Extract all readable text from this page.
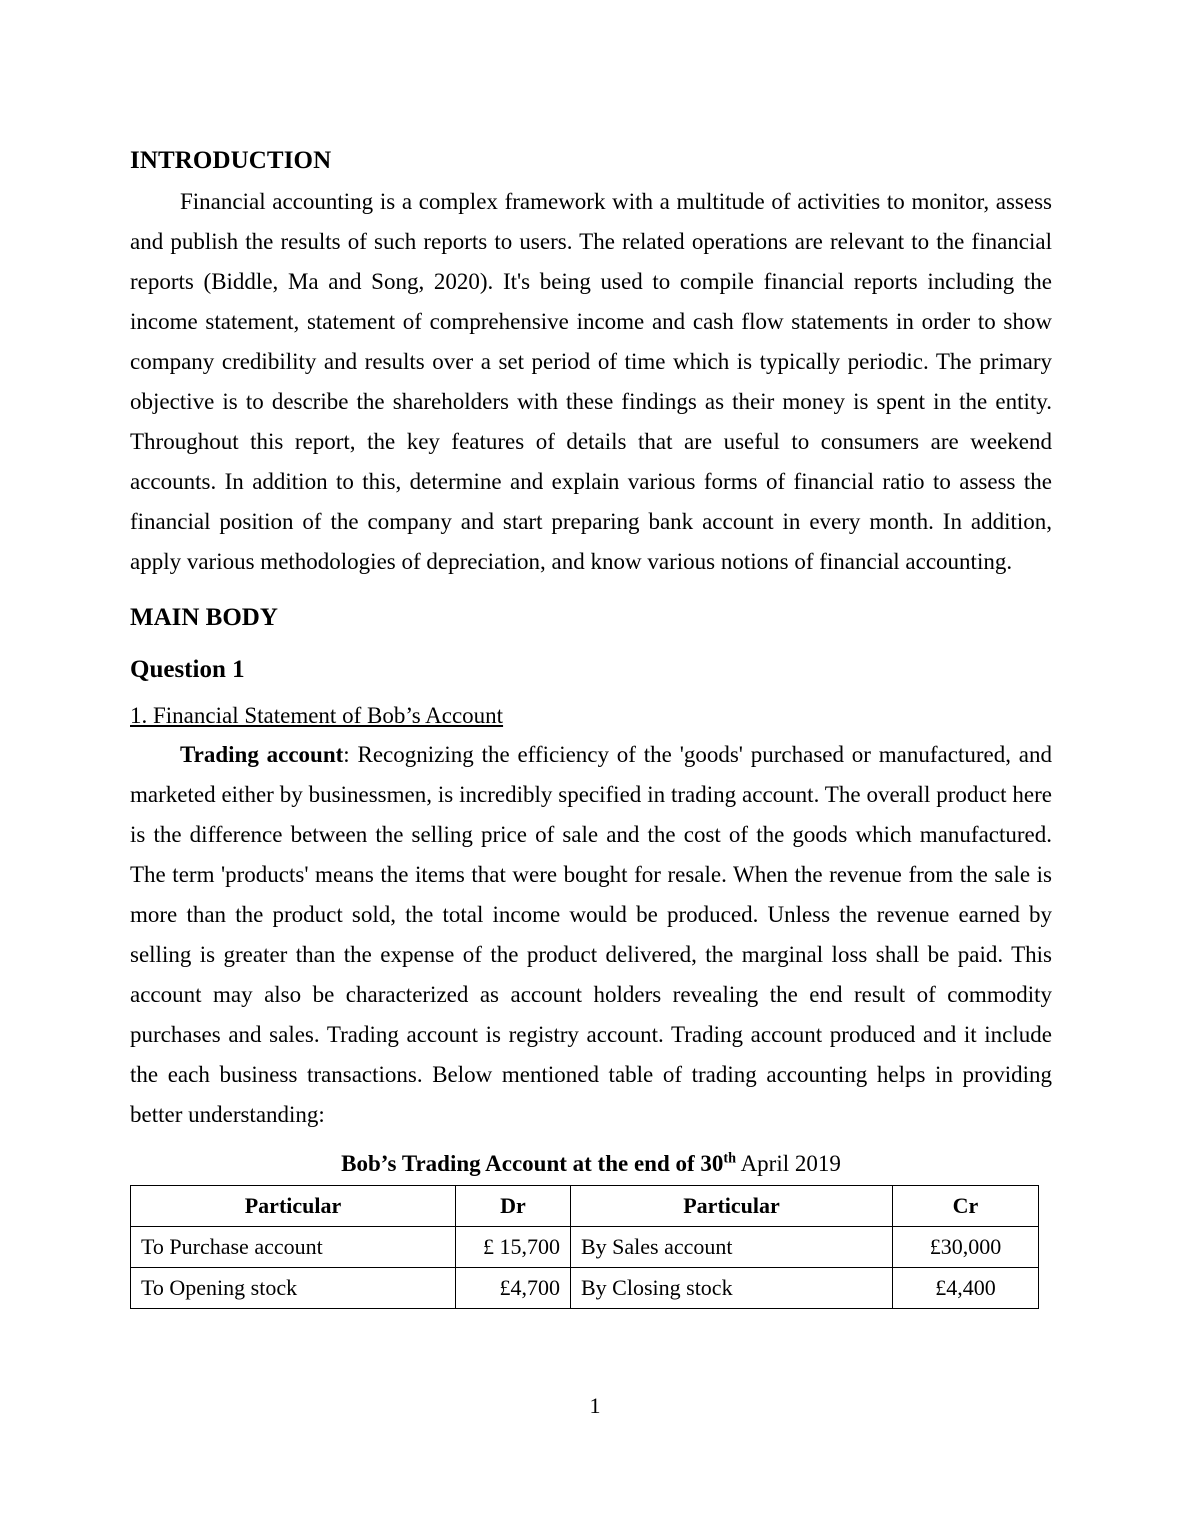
INTRODUCTION

Financial accounting is a complex framework with a multitude of activities to monitor, assess and publish the results of such reports to users. The related operations are relevant to the financial reports (Biddle, Ma and Song, 2020). It's being used to compile financial reports including the income statement, statement of comprehensive income and cash flow statements in order to show company credibility and results over a set period of time which is typically periodic. The primary objective is to describe the shareholders with these findings as their money is spent in the entity. Throughout this report, the key features of details that are useful to consumers are weekend accounts. In addition to this, determine and explain various forms of financial ratio to assess the financial position of the company and start preparing bank account in every month. In addition, apply various methodologies of depreciation, and know various notions of financial accounting.

MAIN BODY
Question 1
1. Financial Statement of Bob’s Account

Trading account: Recognizing the efficiency of the 'goods' purchased or manufactured, and marketed either by businessmen, is incredibly specified in trading account. The overall product here is the difference between the selling price of sale and the cost of the goods which manufactured. The term 'products' means the items that were bought for resale. When the revenue from the sale is more than the product sold, the total income would be produced. Unless the revenue earned by selling is greater than the expense of the product delivered, the marginal loss shall be paid. This account may also be characterized as account holders revealing the end result of commodity purchases and sales. Trading account is registry account. Trading account produced and it include the each business transactions. Below mentioned table of trading accounting helps in providing better understanding:

Bob’s Trading Account at the end of 30th April 2019
Particular	Dr	Particular	Cr
To Purchase account	£ 15,700	By Sales account	£30,000
To Opening stock	£4,700	By Closing stock	£4,400
1
